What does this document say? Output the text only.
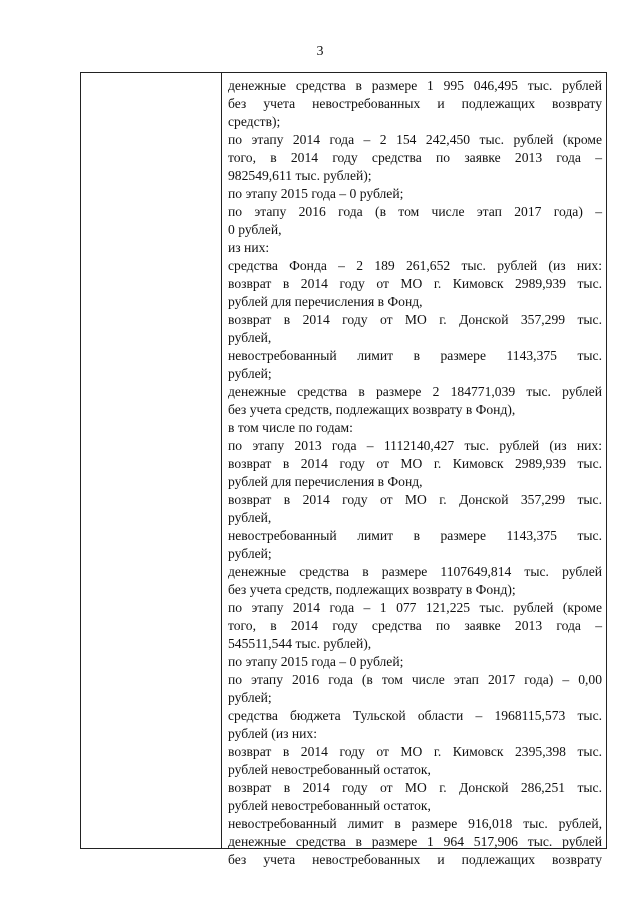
3
денежные средства в размере 1 995 046,495 тыс. рублей
без учета невостребованных и подлежащих возврату
средств);
по этапу 2014 года – 2 154 242,450 тыс. рублей (кроме
того, в 2014 году средства по заявке 2013 года –
982549,611 тыс. рублей);
по этапу 2015 года – 0 рублей;
по этапу 2016 года (в том числе этап 2017 года) –
0 рублей,
из них:
средства Фонда – 2 189 261,652 тыс. рублей (из них:
возврат в 2014 году от МО г. Кимовск 2989,939 тыс.
рублей для перечисления в Фонд,
возврат в 2014 году от МО г. Донской 357,299 тыс.
рублей,
невостребованный лимит в размере 1143,375 тыс.
рублей;
денежные средства в размере 2 184771,039 тыс. рублей
без учета средств, подлежащих возврату в Фонд),
в том числе по годам:
по этапу 2013 года – 1112140,427 тыс. рублей (из них:
возврат в 2014 году от МО г. Кимовск 2989,939 тыс.
рублей для перечисления в Фонд,
возврат в 2014 году от МО г. Донской 357,299 тыс.
рублей,
невостребованный лимит в размере 1143,375 тыс.
рублей;
денежные средства в размере 1107649,814 тыс. рублей
без учета средств, подлежащих возврату в Фонд);
по этапу 2014 года – 1 077 121,225 тыс. рублей (кроме
того, в 2014 году средства по заявке 2013 года –
545511,544 тыс. рублей),
по этапу 2015 года – 0 рублей;
по этапу 2016 года (в том числе этап 2017 года) – 0,00
рублей;
средства бюджета Тульской области – 1968115,573 тыс.
рублей (из них:
возврат в 2014 году от МО г. Кимовск 2395,398 тыс.
рублей невостребованный остаток,
возврат в 2014 году от МО г. Донской 286,251 тыс.
рублей невостребованный остаток,
невостребованный лимит в размере 916,018 тыс. рублей,
денежные средства в размере 1 964 517,906 тыс. рублей
без учета невостребованных и подлежащих возврату
